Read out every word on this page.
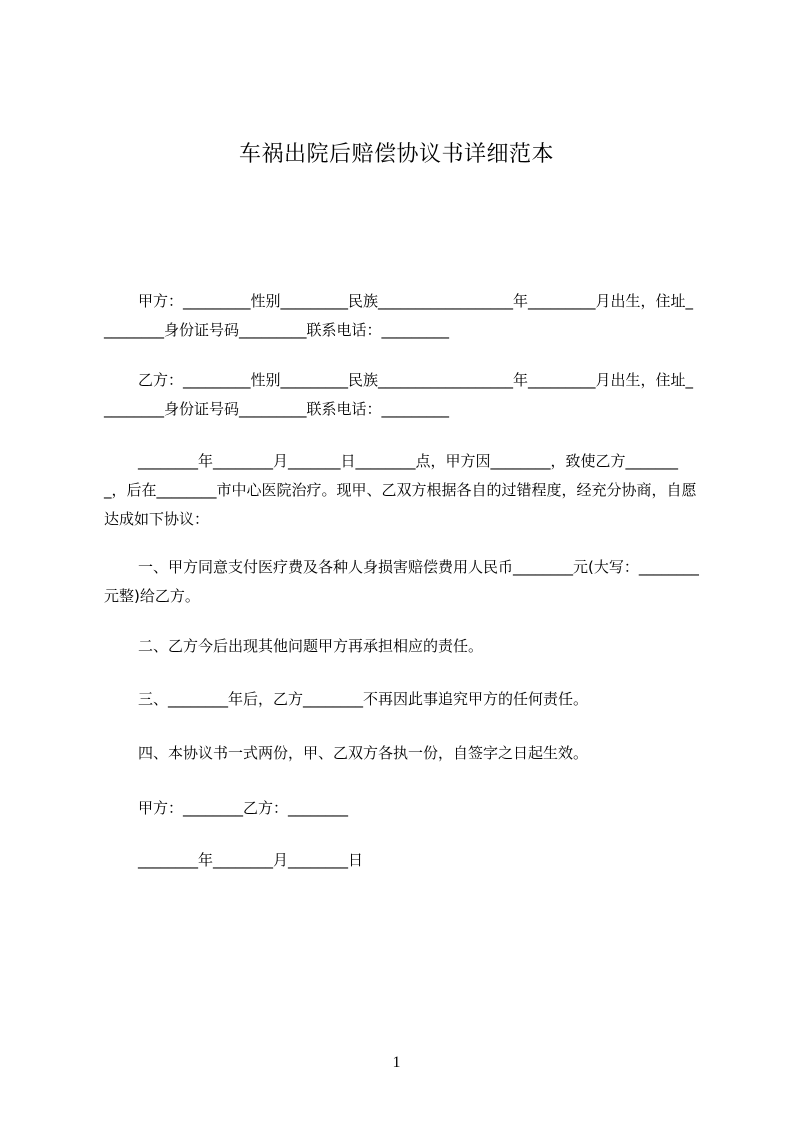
车祸出院后赔偿协议书详细范本

甲方：_________性别_________民族__________________年_________月出生，住址_________身份证号码_________联系电话：_________

乙方：_________性别_________民族__________________年_________月出生，住址_________身份证号码_________联系电话：_________

________年________月_______日________点，甲方因________，致使乙方________，后在________市中心医院治疗。现甲、乙双方根据各自的过错程度，经充分协商，自愿达成如下协议：

一、甲方同意支付医疗费及各种人身损害赔偿费用人民币________元(大写：________元整)给乙方。

二、乙方今后出现其他问题甲方再承担相应的责任。

三、________年后，乙方________不再因此事追究甲方的任何责任。

四、本协议书一式两份，甲、乙双方各执一份，自签字之日起生效。

甲方：________乙方：________

________年________月________日

1
